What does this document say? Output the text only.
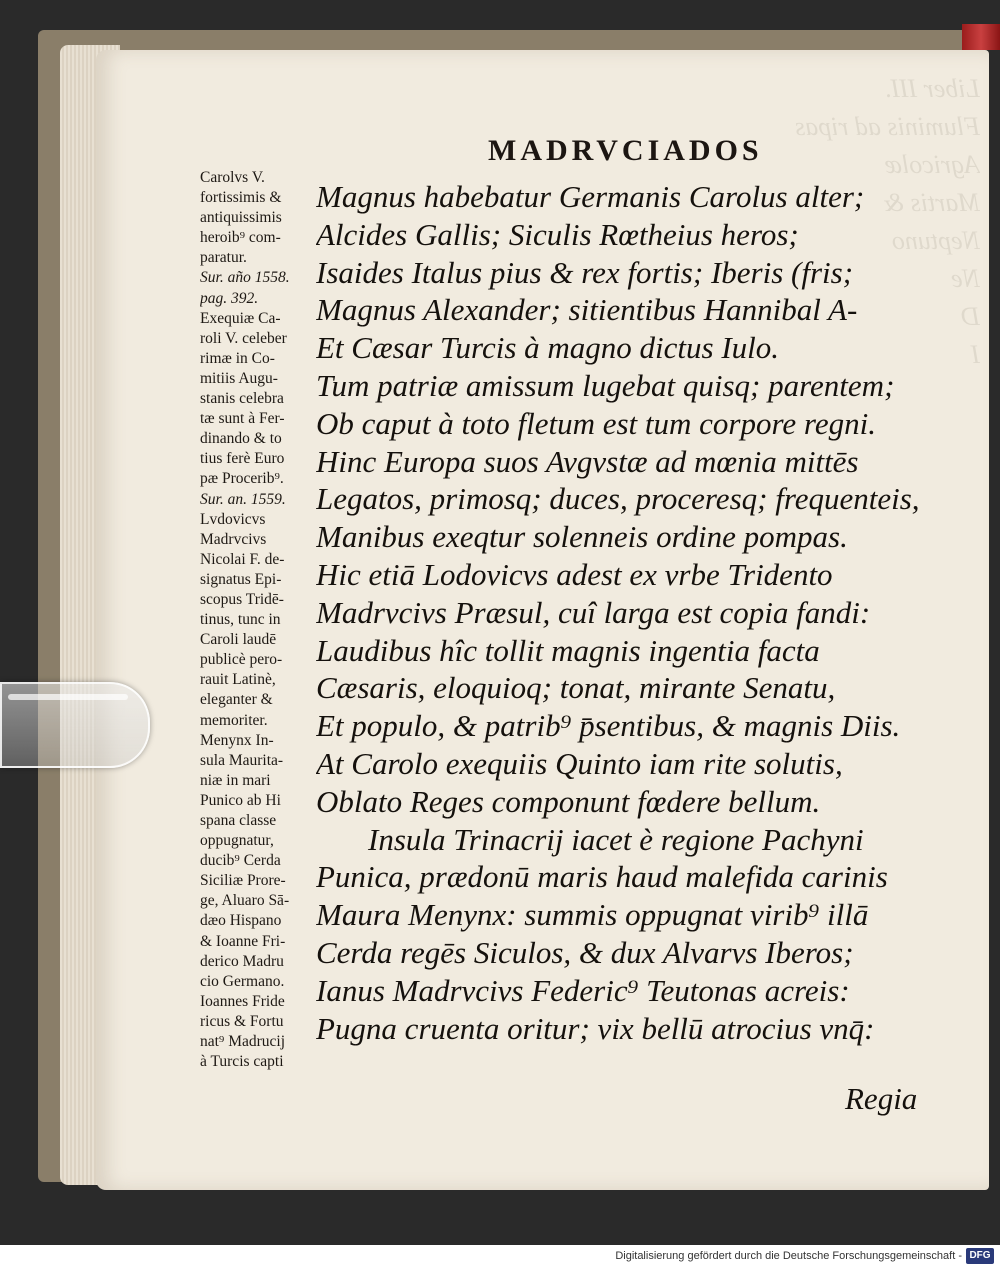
Liber III.
Fluminis ad ripas
Agricolæ
Martis &
Neptuno
Ne
D
I
MADRVCIADOS
Carolvs V.
fortissimis &
antiquissimis
heroib⁹ com-
paratur.
Sur. año 1558.
pag. 392.
Exequiæ Ca-
roli V. celeber
rimæ in Co-
mitiis Augu-
stanis celebra
tæ sunt à Fer-
dinando & to
tius ferè Euro
pæ Procerib⁹.
Sur. an. 1559.
Lvdovicvs
Madrvcivs
Nicolai F. de-
signatus Epi-
scopus Tridē-
tinus, tunc in
Caroli laudē
publicè pero-
rauit Latinè,
eleganter &
memoriter.
Menynx In-
sula Maurita-
niæ in mari
Punico ab Hi
spana classe
oppugnatur,
ducib⁹ Cerda
Siciliæ Prore-
ge, Aluaro Sā-
dæo Hispano
& Ioanne Fri-
derico Madru
cio Germano.
Ioannes Fride
ricus & Fortu
nat⁹ Madrucij
à Turcis capti
Magnus habebatur Germanis Carolus alter;
Alcides Gallis; Siculis Rœtheius heros;
Isaides Italus pius & rex fortis; Iberis (fris;
Magnus Alexander; sitientibus Hannibal A-
Et Cæsar Turcis à magno dictus Iulo.
Tum patriæ amissum lugebat quisq; parentem;
Ob caput à toto fletum est tum corpore regni.
Hinc Europa suos Avgvstæ ad mœnia mittēs
Legatos, primosq; duces, proceresq; frequenteis,
Manibus exeqtur solenneis ordine pompas.
Hic etiā Lodovicvs adest ex vrbe Tridento
Madrvcivs Præsul, cuî larga est copia fandi:
Laudibus hîc tollit magnis ingentia facta
Cæsaris, eloquioq; tonat, mirante Senatu,
Et populo, & patrib⁹ p̄sentibus, & magnis Diis.
At Carolo exequiis Quinto iam rite solutis,
Oblato Reges componunt fœdere bellum.
Insula Trinacrij iacet è regione Pachyni
Punica, prædonū maris haud malefida carinis
Maura Menynx: summis oppugnat virib⁹ illā
Cerda regēs Siculos, & dux Alvarvs Iberos;
Ianus Madrvcivs Federic⁹ Teutonas acreis:
Pugna cruenta oritur; vix bellū atrocius vnq̄:
Regia
Digitalisierung gefördert durch die Deutsche Forschungsgemeinschaft - DFG
